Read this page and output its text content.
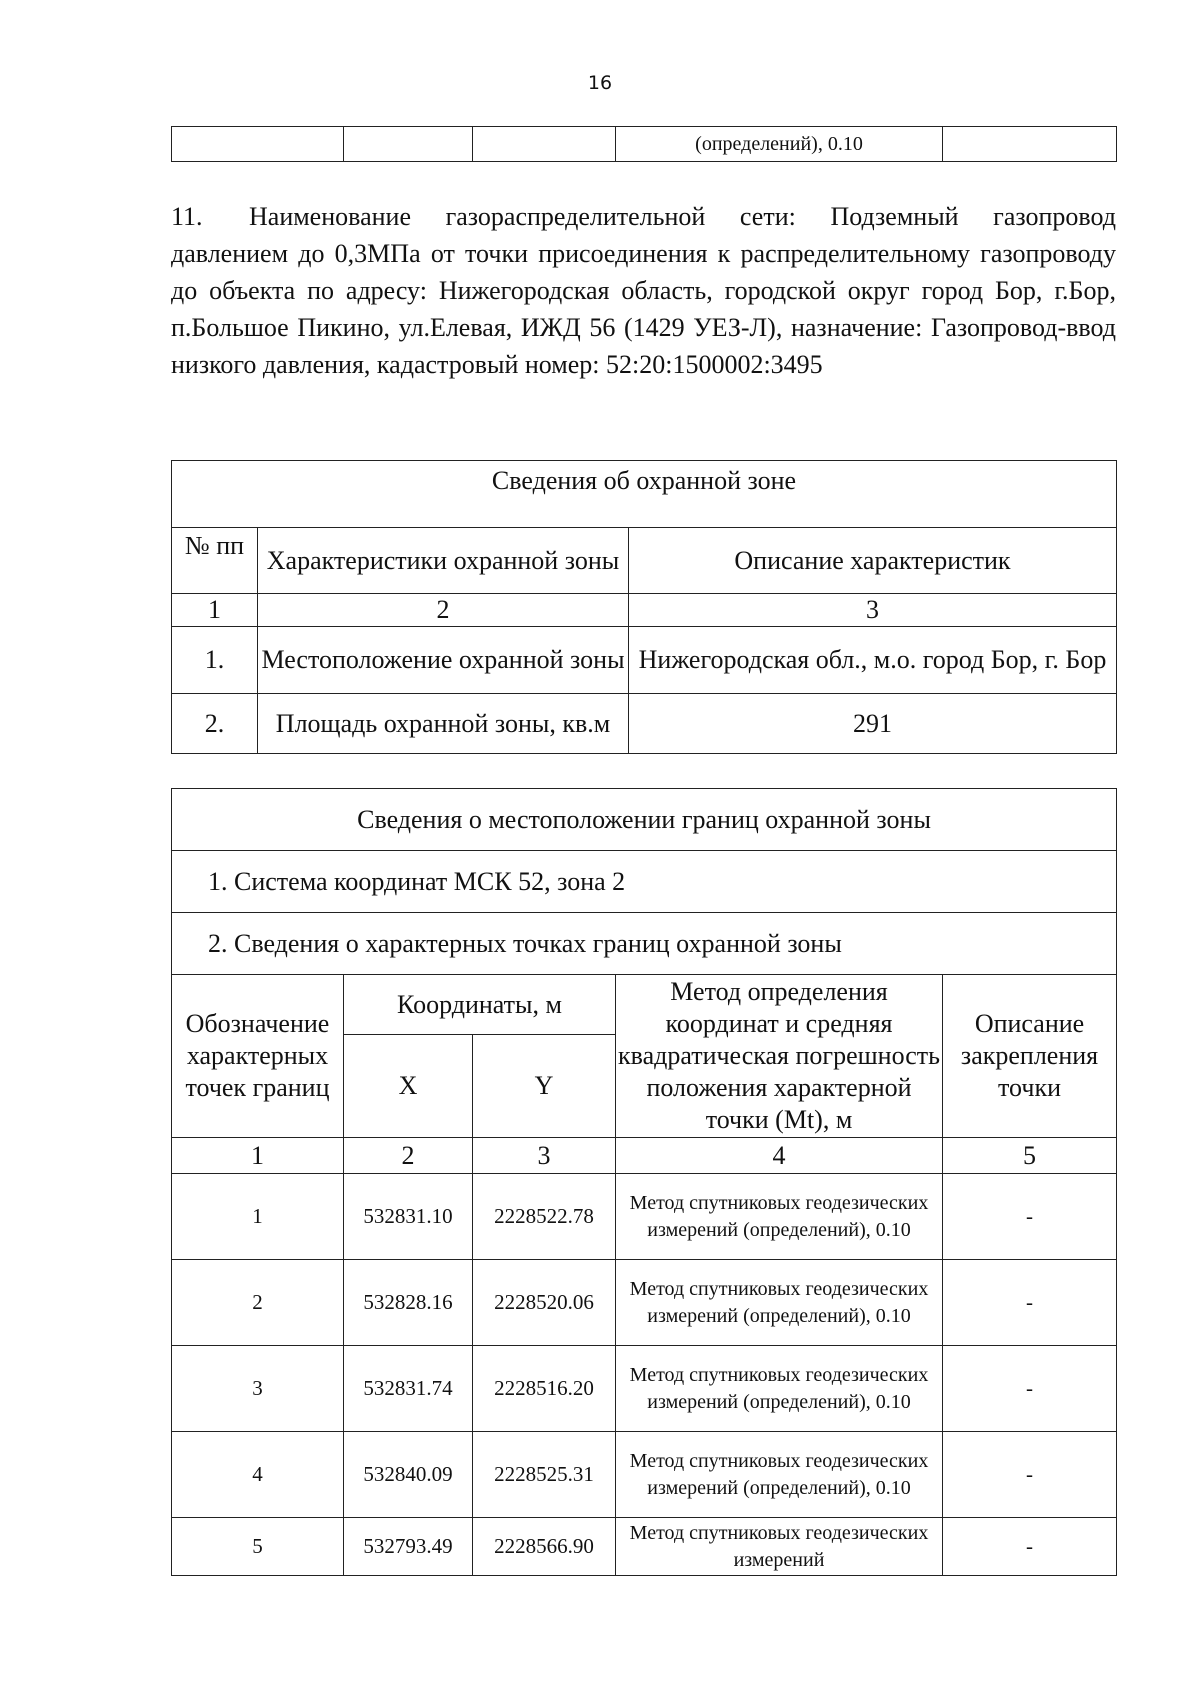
16
			(определений), 0.10	
11. Наименование газораспределительной сети: Подземный газопровод давлением до 0,3МПа от точки присоединения к распределительному газопроводу до объекта по адресу: Нижегородская область, городской округ город Бор, г.Бор, п.Большое Пикино, ул.Елевая, ИЖД 56 (1429 УЕЗ-Л), назначение: Газопровод-ввод низкого давления, кадастровый номер: 52:20:1500002:3495
Сведения об охранной зоне		
№ пп	Характеристики охранной зоны	Описание характеристик
1	2	3
1.	Местоположение охранной зоны	Нижегородская обл., м.о. город Бор, г. Бор
2.	Площадь охранной зоны, кв.м	291
Сведения о местоположении границ охранной зоны				
1. Система координат МСК 52, зона 2				
2. Сведения о характерных точках границ охранной зоны				
Обозначение характерных точек границ	Координаты, м		Метод определения координат и средняя квадратическая погрешность положения характерной точки (Mt), м	Описание закрепления точки
	X	Y		
1	2	3	4	5
1	532831.10	2228522.78	Метод спутниковых геодезических измерений (определений), 0.10	-
2	532828.16	2228520.06	Метод спутниковых геодезических измерений (определений), 0.10	-
3	532831.74	2228516.20	Метод спутниковых геодезических измерений (определений), 0.10	-
4	532840.09	2228525.31	Метод спутниковых геодезических измерений (определений), 0.10	-
5	532793.49	2228566.90	Метод спутниковых геодезических измерений	-
